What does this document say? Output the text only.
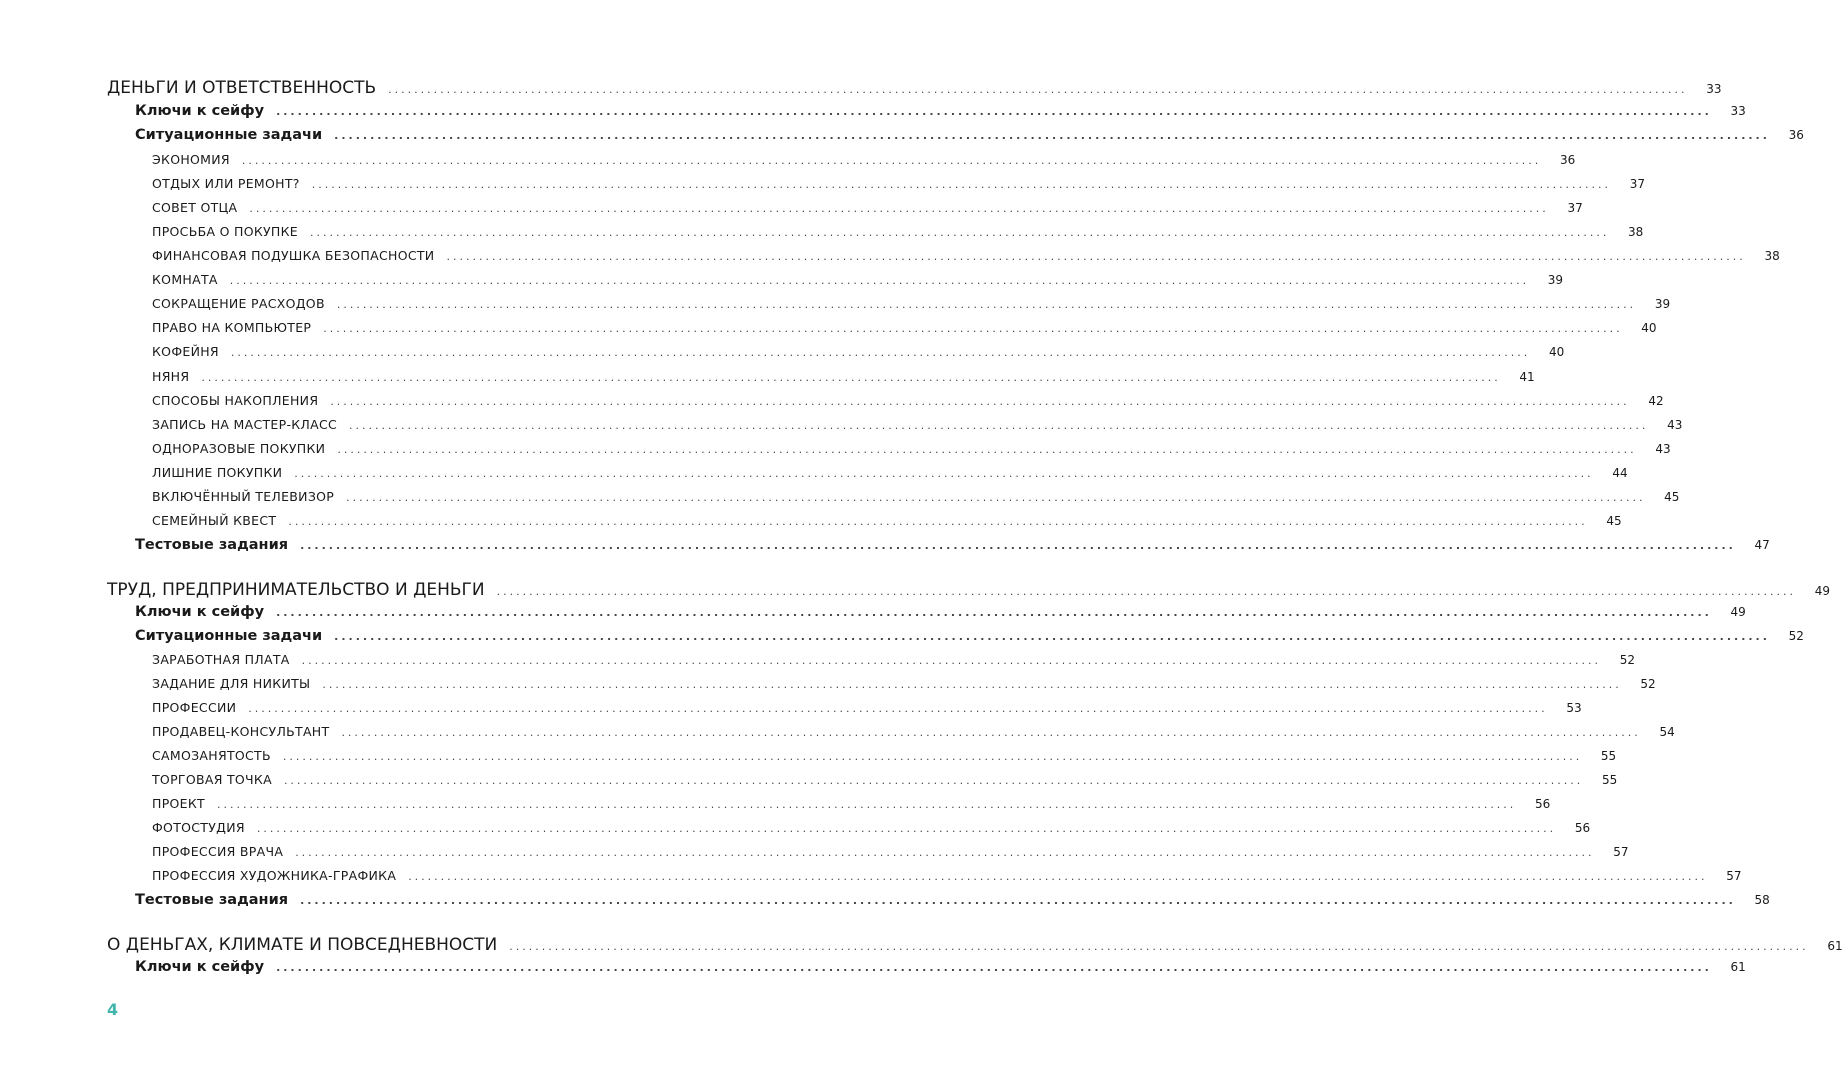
ДЕНЬГИ И ОТВЕТСТВЕННОСТЬ ........................................................................................................................................................................................................	33
Ключи к сейфу ........................................................................................................................................................................................................	33
Ситуационные задачи ........................................................................................................................................................................................................	36
ЭКОНОМИЯ ........................................................................................................................................................................................................	36
ОТДЫХ ИЛИ РЕМОНТ? ........................................................................................................................................................................................................	37
СОВЕТ ОТЦА ........................................................................................................................................................................................................	37
ПРОСЬБА О ПОКУПКЕ ........................................................................................................................................................................................................	38
ФИНАНСОВАЯ ПОДУШКА БЕЗОПАСНОСТИ ........................................................................................................................................................................................................	38
КОМНАТА ........................................................................................................................................................................................................	39
СОКРАЩЕНИЕ РАСХОДОВ ........................................................................................................................................................................................................	39
ПРАВО НА КОМПЬЮТЕР ........................................................................................................................................................................................................	40
КОФЕЙНЯ ........................................................................................................................................................................................................	40
НЯНЯ ........................................................................................................................................................................................................	41
СПОСОБЫ НАКОПЛЕНИЯ ........................................................................................................................................................................................................	42
ЗАПИСЬ НА МАСТЕР-КЛАСС ........................................................................................................................................................................................................	43
ОДНОРАЗОВЫЕ ПОКУПКИ ........................................................................................................................................................................................................	43
ЛИШНИЕ ПОКУПКИ ........................................................................................................................................................................................................	44
ВКЛЮЧЁННЫЙ ТЕЛЕВИЗОР ........................................................................................................................................................................................................	45
СЕМЕЙНЫЙ КВЕСТ ........................................................................................................................................................................................................	45
Тестовые задания ........................................................................................................................................................................................................	47
ТРУД, ПРЕДПРИНИМАТЕЛЬСТВО И ДЕНЬГИ ........................................................................................................................................................................................................	49
Ключи к сейфу ........................................................................................................................................................................................................	49
Ситуационные задачи ........................................................................................................................................................................................................	52
ЗАРАБОТНАЯ ПЛАТА ........................................................................................................................................................................................................	52
ЗАДАНИЕ ДЛЯ НИКИТЫ ........................................................................................................................................................................................................	52
ПРОФЕССИИ ........................................................................................................................................................................................................	53
ПРОДАВЕЦ-КОНСУЛЬТАНТ ........................................................................................................................................................................................................	54
САМОЗАНЯТОСТЬ ........................................................................................................................................................................................................	55
ТОРГОВАЯ ТОЧКА ........................................................................................................................................................................................................	55
ПРОЕКТ ........................................................................................................................................................................................................	56
ФОТОСТУДИЯ ........................................................................................................................................................................................................	56
ПРОФЕССИЯ ВРАЧА ........................................................................................................................................................................................................	57
ПРОФЕССИЯ ХУДОЖНИКА-ГРАФИКА ........................................................................................................................................................................................................	57
Тестовые задания ........................................................................................................................................................................................................	58
О ДЕНЬГАХ, КЛИМАТЕ И ПОВСЕДНЕВНОСТИ ........................................................................................................................................................................................................	61
Ключи к сейфу ........................................................................................................................................................................................................	61
4
